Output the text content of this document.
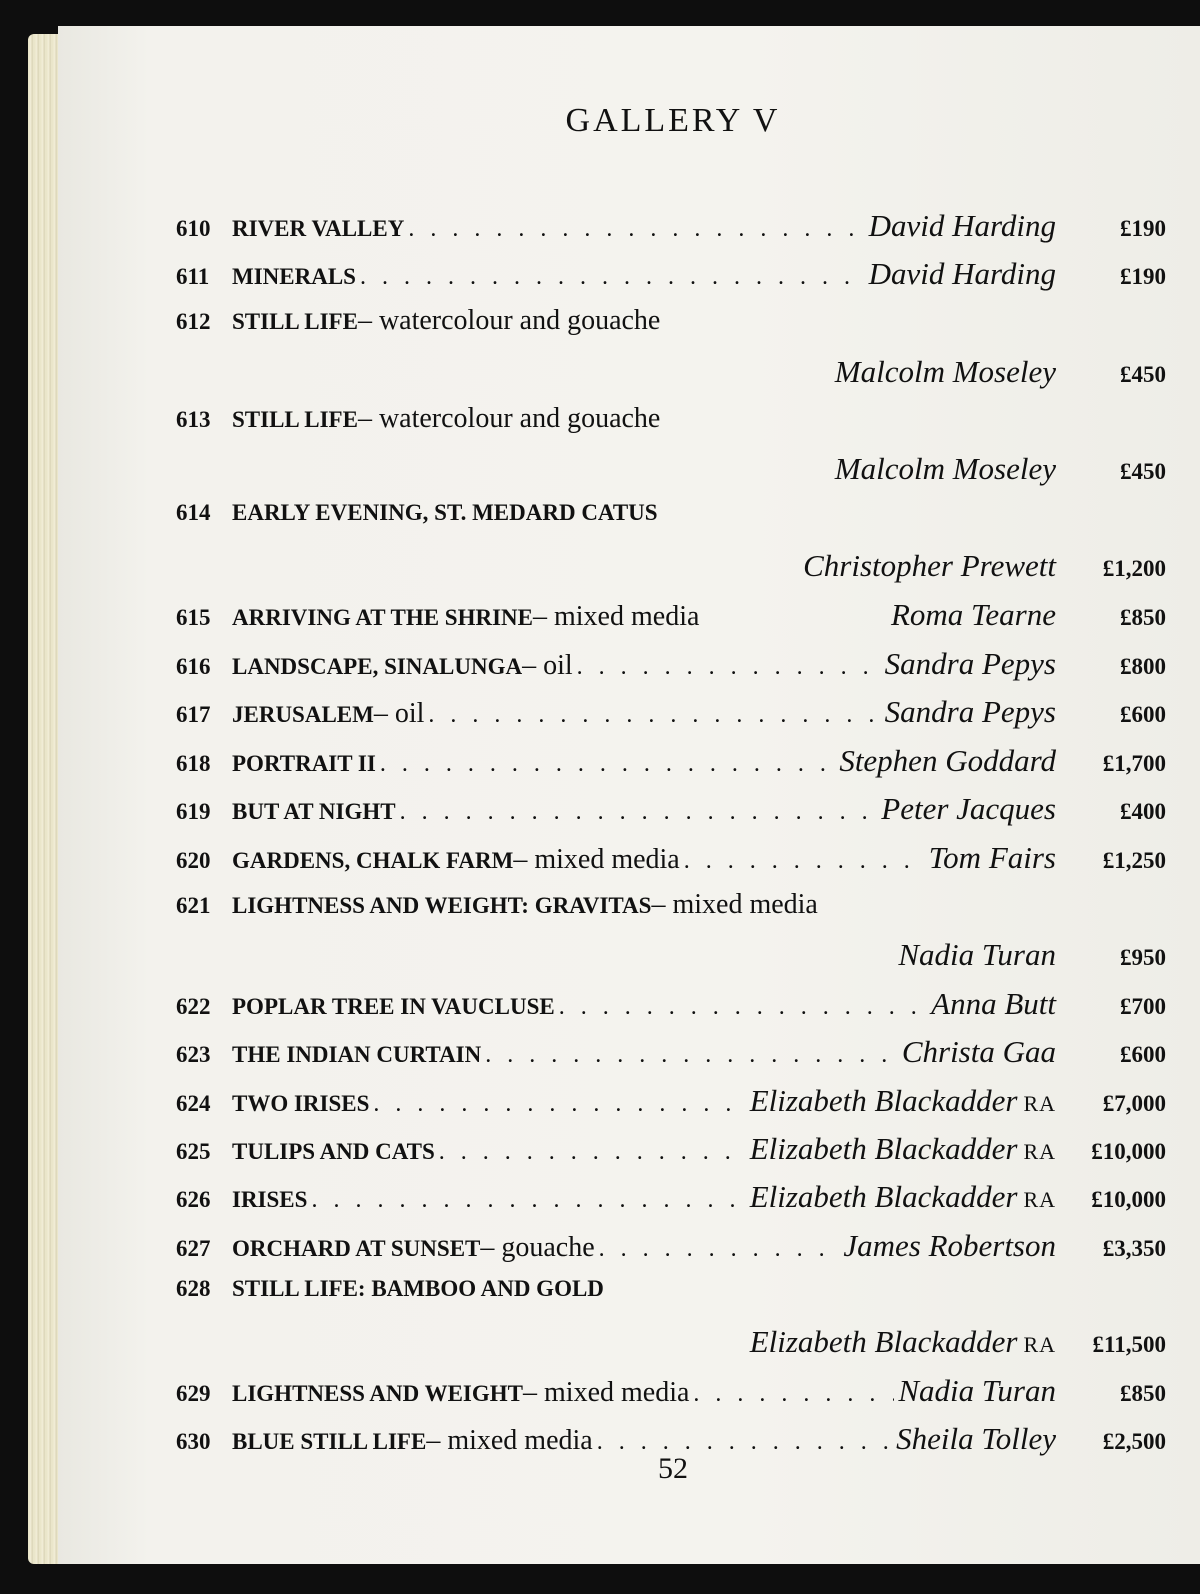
GALLERY V
610 RIVER VALLEY . . .	David Harding	£190
611 MINERALS . . .	David Harding	£190
612 STILL LIFE – watercolour and gouache
Malcolm Moseley	£450
613 STILL LIFE – watercolour and gouache
Malcolm Moseley	£450
614 EARLY EVENING, ST. MEDARD CATUS
Christopher Prewett	£1,200
615 ARRIVING AT THE SHRINE – mixed media	Roma Tearne	£850
616 LANDSCAPE, SINALUNGA – oil . . .	Sandra Pepys	£800
617 JERUSALEM – oil . . .	Sandra Pepys	£600
618 PORTRAIT II . . .	Stephen Goddard	£1,700
619 BUT AT NIGHT . . .	Peter Jacques	£400
620 GARDENS, CHALK FARM – mixed media . . .	Tom Fairs	£1,250
621 LIGHTNESS AND WEIGHT: GRAVITAS – mixed media
Nadia Turan	£950
622 POPLAR TREE IN VAUCLUSE . . .	Anna Butt	£700
623 THE INDIAN CURTAIN . . .	Christa Gaa	£600
624 TWO IRISES . . .	Elizabeth Blackadder RA	£7,000
625 TULIPS AND CATS . . .	Elizabeth Blackadder RA	£10,000
626 IRISES . . .	Elizabeth Blackadder RA	£10,000
627 ORCHARD AT SUNSET – gouache . . .	James Robertson	£3,350
628 STILL LIFE: BAMBOO AND GOLD
Elizabeth Blackadder RA	£11,500
629 LIGHTNESS AND WEIGHT – mixed media . . .	Nadia Turan	£850
630 BLUE STILL LIFE – mixed media . . .	Sheila Tolley	£2,500
52
